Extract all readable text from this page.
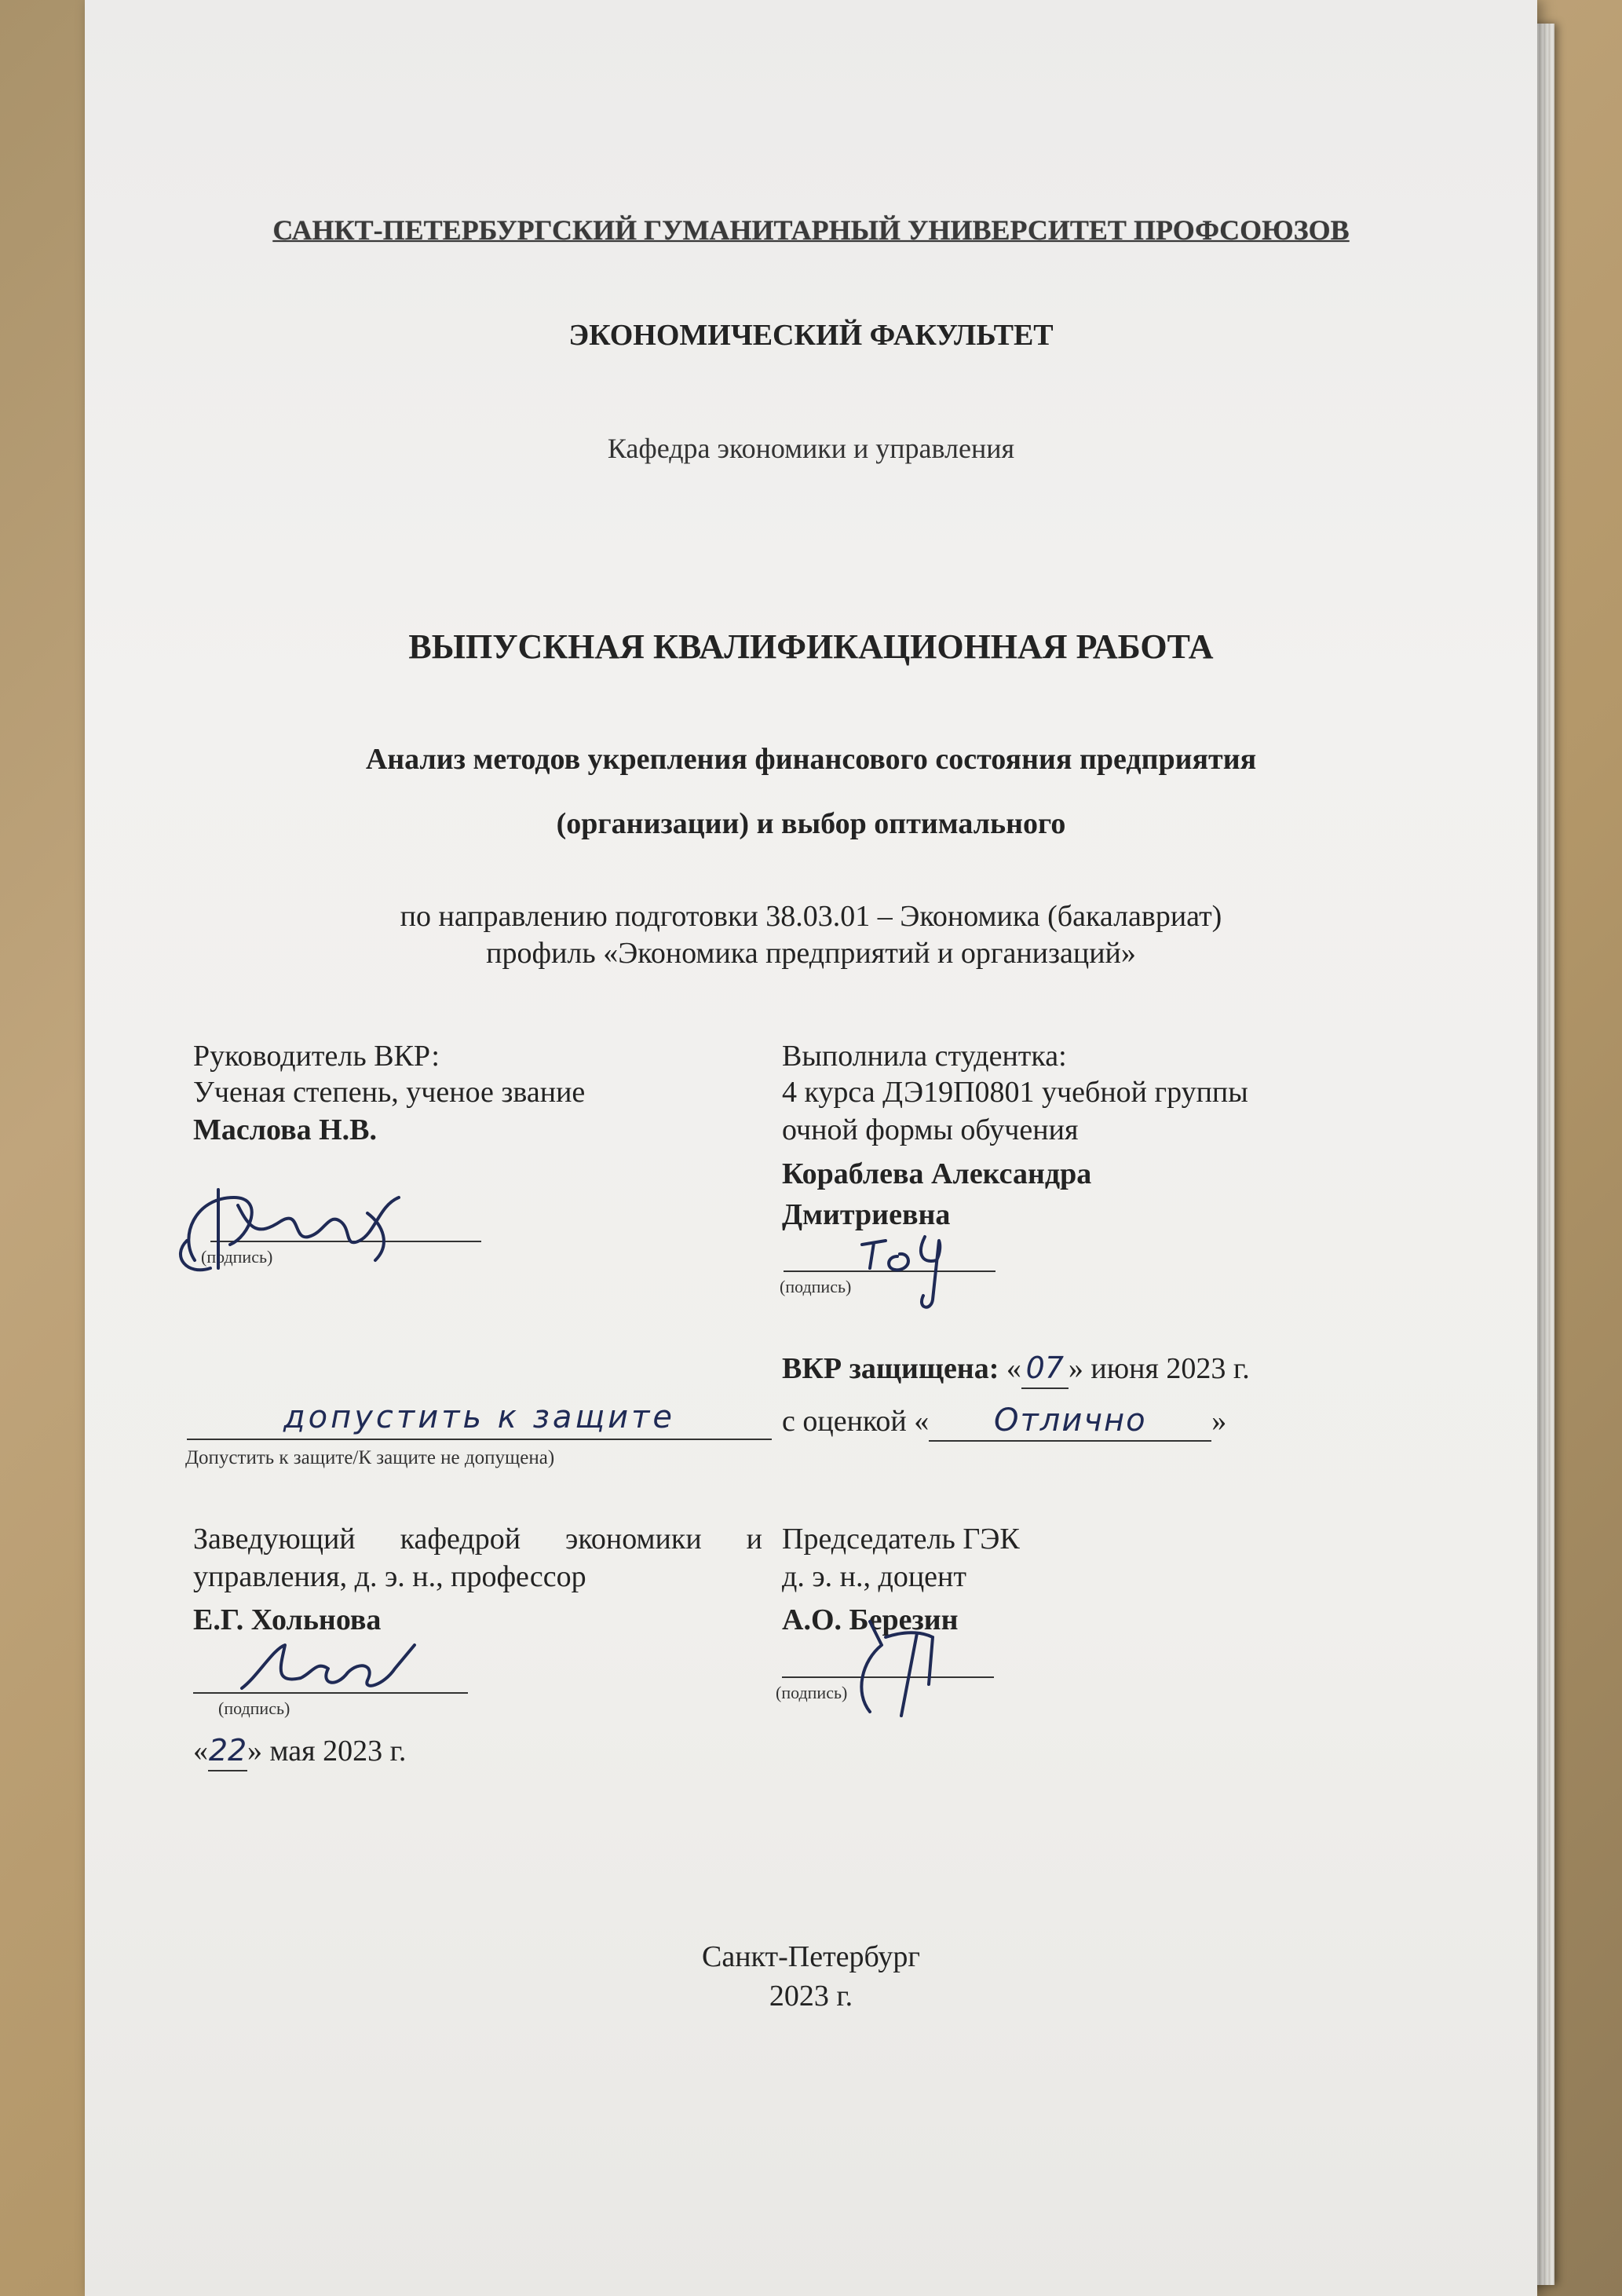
САНКТ-ПЕТЕРБУРГСКИЙ ГУМАНИТАРНЫЙ УНИВЕРСИТЕТ ПРОФСОЮЗОВ
ЭКОНОМИЧЕСКИЙ ФАКУЛЬТЕТ
Кафедра экономики и управления
ВЫПУСКНАЯ КВАЛИФИКАЦИОННАЯ РАБОТА
Анализ методов укрепления финансового состояния предприятия
(организации) и выбор оптимального
по направлению подготовки 38.03.01 – Экономика (бакалавриат)
профиль «Экономика предприятий и организаций»
Руководитель ВКР:
Ученая степень, ученое звание
Маслова Н.В.
(подпись)
Выполнила студентка:
4 курса ДЭ19П0801 учебной группы
очной формы обучения
Кораблева Александра
Дмитриевна
(подпись)
ВКР защищена: « 07 » июня 2023 г.
с оценкой « Отлично »
допустить к защите
Допустить к защите/К защите не допущена)
Заведующий кафедрой экономики и
управления, д. э. н., профессор
Е.Г. Хольнова
(подпись)
«22» мая 2023 г.
Председатель ГЭК
д. э. н., доцент
А.О. Березин
(подпись)
Санкт-Петербург
2023 г.
